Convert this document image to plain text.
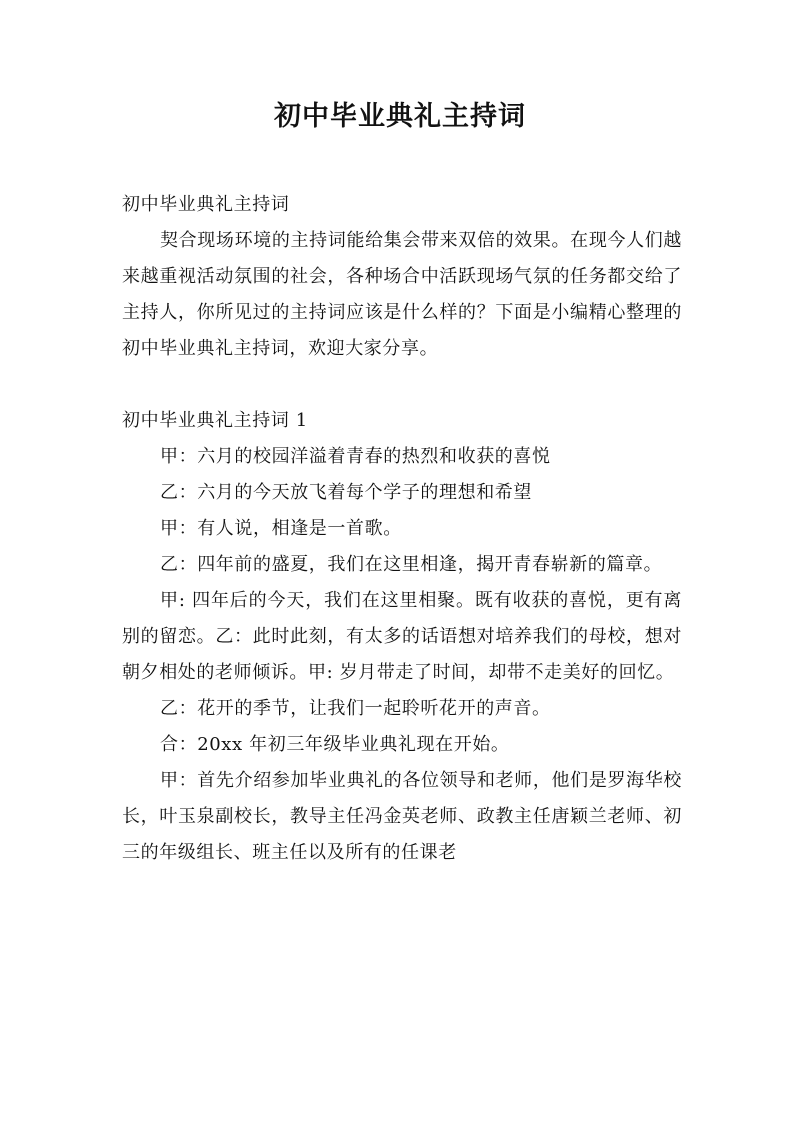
初中毕业典礼主持词

初中毕业典礼主持词

契合现场环境的主持词能给集会带来双倍的效果。在现今人们越来越重视活动氛围的社会，各种场合中活跃现场气氛的任务都交给了主持人，你所见过的主持词应该是什么样的？下面是小编精心整理的初中毕业典礼主持词，欢迎大家分享。

初中毕业典礼主持词 1

甲：六月的校园洋溢着青春的热烈和收获的喜悦

乙：六月的今天放飞着每个学子的理想和希望

甲：有人说，相逢是一首歌。

乙：四年前的盛夏，我们在这里相逢，揭开青春崭新的篇章。

甲: 四年后的今天，我们在这里相聚。既有收获的喜悦，更有离别的留恋。乙：此时此刻，有太多的话语想对培养我们的母校，想对朝夕相处的老师倾诉。甲: 岁月带走了时间，却带不走美好的回忆。

乙：花开的季节，让我们一起聆听花开的声音。

合：20xx 年初三年级毕业典礼现在开始。

甲：首先介绍参加毕业典礼的各位领导和老师，他们是罗海华校长，叶玉泉副校长，教导主任冯金英老师、政教主任唐颖兰老师、初三的年级组长、班主任以及所有的任课老
